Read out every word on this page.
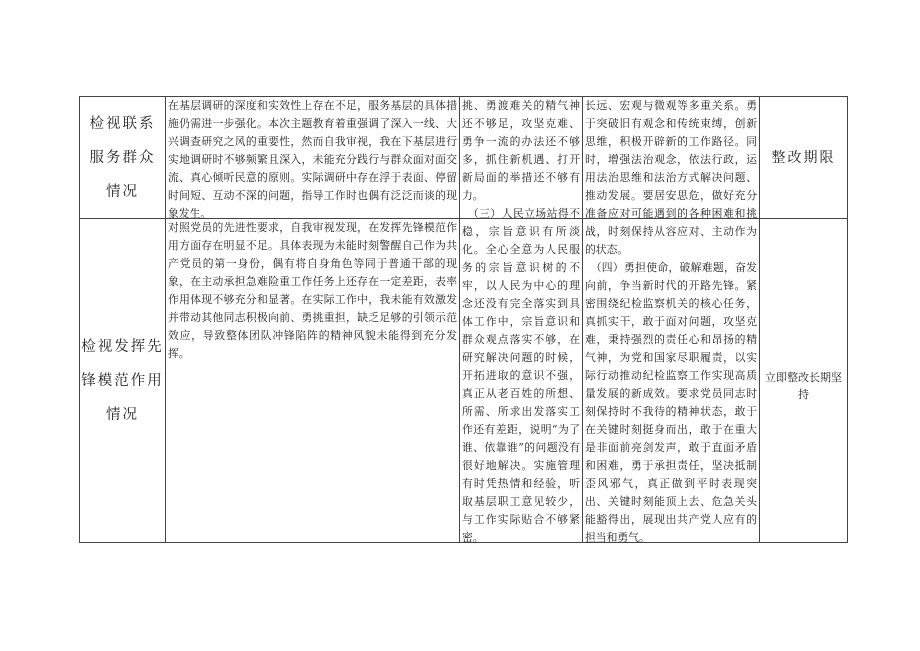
检视联系
服务群众
情况
在基层调研的深度和实效性上存在不足，服务基层的具体措施仍需进一步强化。本次主题教育着重强调了深入一线、大兴调查研究之风的重要性，然而自我审视，我在下基层进行实地调研时不够频繁且深入，未能充分践行与群众面对面交流、真心倾听民意的原则。实际调研中存在浮于表面、停留时间短、互动不深的问题，指导工作时也偶有泛泛而谈的现象发生。
检视发挥先
锋模范作用
情况
对照党员的先进性要求，自我审视发现，在发挥先锋模范作用方面存在明显不足。具体表现为未能时刻警醒自己作为共产党员的第一身份，偶有将自身角色等同于普通干部的现象，在主动承担急难险重工作任务上还存在一定差距，表率作用体现不够充分和显著。在实际工作中，我未能有效激发并带动其他同志积极向前、勇挑重担，缺乏足够的引领示范效应，导致整体团队冲锋陷阵的精神风貌未能得到充分发挥。
挑、勇渡难关的精气神还不够足，攻坚克难、勇争一流的办法还不够多，抓住新机遇、打开新局面的举措还不够有力。
　（三）人民立场站得不稳，宗旨意识有所淡化。全心全意为人民服务的宗旨意识树的不牢，以人民为中心的理念还没有完全落实到具体工作中，宗旨意识和群众观点落实不够，在研究解决问题的时候，开拓进取的意识不强，真正从老百姓的所想、所需、所求出发落实工作还有差距，说明“为了谁、依靠谁”的问题没有很好地解决。实施管理有时凭热情和经验，听取基层职工意见较少，与工作实际贴合不够紧密。
长远、宏观与微观等多重关系。勇于突破旧有观念和传统束缚，创新思维，积极开辟新的工作路径。同时，增强法治观念，依法行政，运用法治思维和法治方式解决问题、推动发展。要居安思危，做好充分准备应对可能遇到的各种困难和挑战，时刻保持从容应对、主动作为的状态。
　（四）勇担使命，破解难题，奋发向前，争当新时代的开路先锋。紧密围绕纪检监察机关的核心任务，真抓实干，敢于面对问题，攻坚克难，秉持强烈的责任心和昂扬的精气神，为党和国家尽职履责，以实际行动推动纪检监察工作实现高质量发展的新成效。要求党员同志时刻保持时不我待的精神状态，敢于在关键时刻挺身而出，敢于在重大是非面前亮剑发声，敢于直面矛盾和困难，勇于承担责任，坚决抵制歪风邪气，真正做到平时表现突出、关键时刻能顶上去、危急关头能豁得出，展现出共产党人应有的担当和勇气。
整改期限
立即整改长期坚持
